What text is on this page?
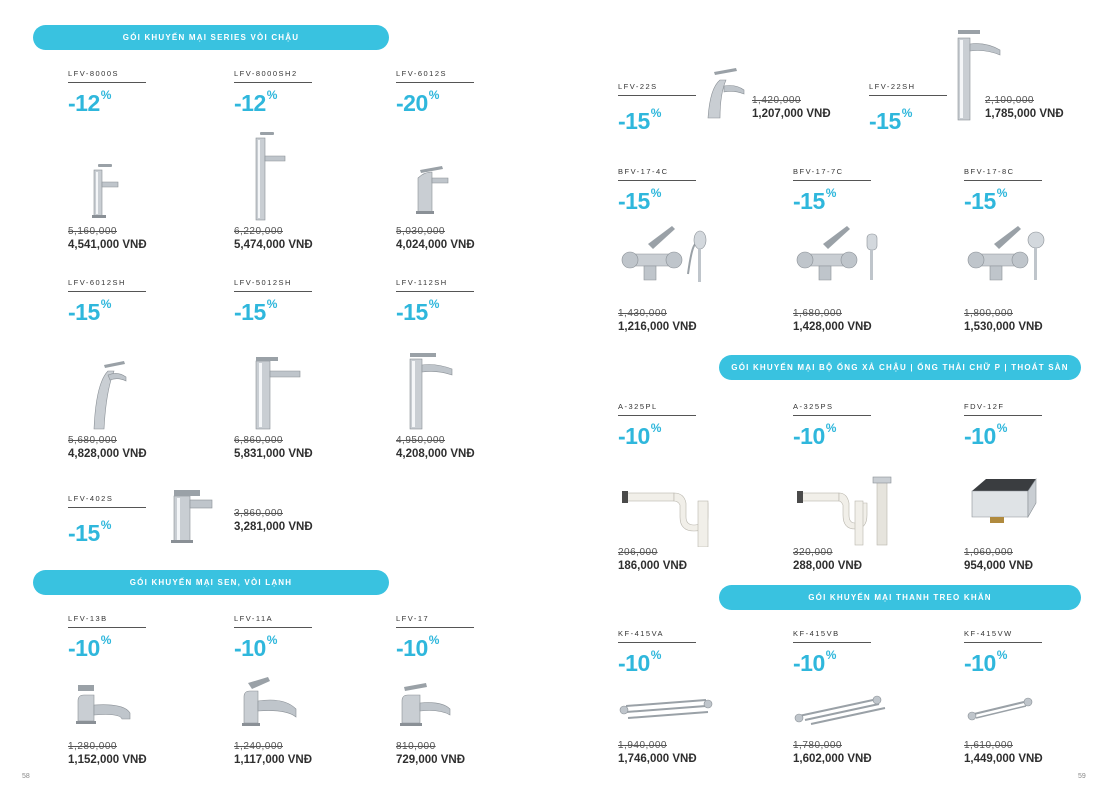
GÓI KHUYẾN MẠI SERIES VÒI CHẬU
LFV-8000S
-12 %
5,160,000
4,541,000 VNĐ
LFV-8000SH2
-12 %
6,220,000
5,474,000 VNĐ
LFV-6012S
-20 %
5,030,000
4,024,000 VNĐ
LFV-6012SH
-15 %
5,680,000
4,828,000 VNĐ
LFV-5012SH
-15 %
6,860,000
5,831,000 VNĐ
LFV-112SH
-15 %
4,950,000
4,208,000 VNĐ
LFV-402S
-15 %
3,860,000
3,281,000 VNĐ
GÓI KHUYẾN MẠI SEN, VÒI LẠNH
LFV-13B
-10 %
1,280,000
1,152,000 VNĐ
LFV-11A
-10 %
1,240,000
1,117,000 VNĐ
LFV-17
-10 %
810,000
729,000 VNĐ
58
LFV-22S
-15 %
1,420,000
1,207,000 VNĐ
LFV-22SH
-15 %
2,100,000
1,785,000 VNĐ
BFV-17-4C
-15 %
1,430,000
1,216,000 VNĐ
BFV-17-7C
-15 %
1,680,000
1,428,000 VNĐ
BFV-17-8C
-15 %
1,800,000
1,530,000 VNĐ
GÓI KHUYẾN MẠI BỘ ỐNG XẢ CHẬU | ỐNG THẢI CHỮ P | THOÁT SÀN
A-325PL
-10 %
206,000
186,000 VNĐ
A-325PS
-10 %
320,000
288,000 VNĐ
FDV-12F
-10 %
1,060,000
954,000 VNĐ
GÓI KHUYẾN MẠI THANH TREO KHĂN
KF-415VA
-10 %
1,940,000
1,746,000 VNĐ
KF-415VB
-10 %
1,780,000
1,602,000 VNĐ
KF-415VW
-10 %
1,610,000
1,449,000 VNĐ
59
